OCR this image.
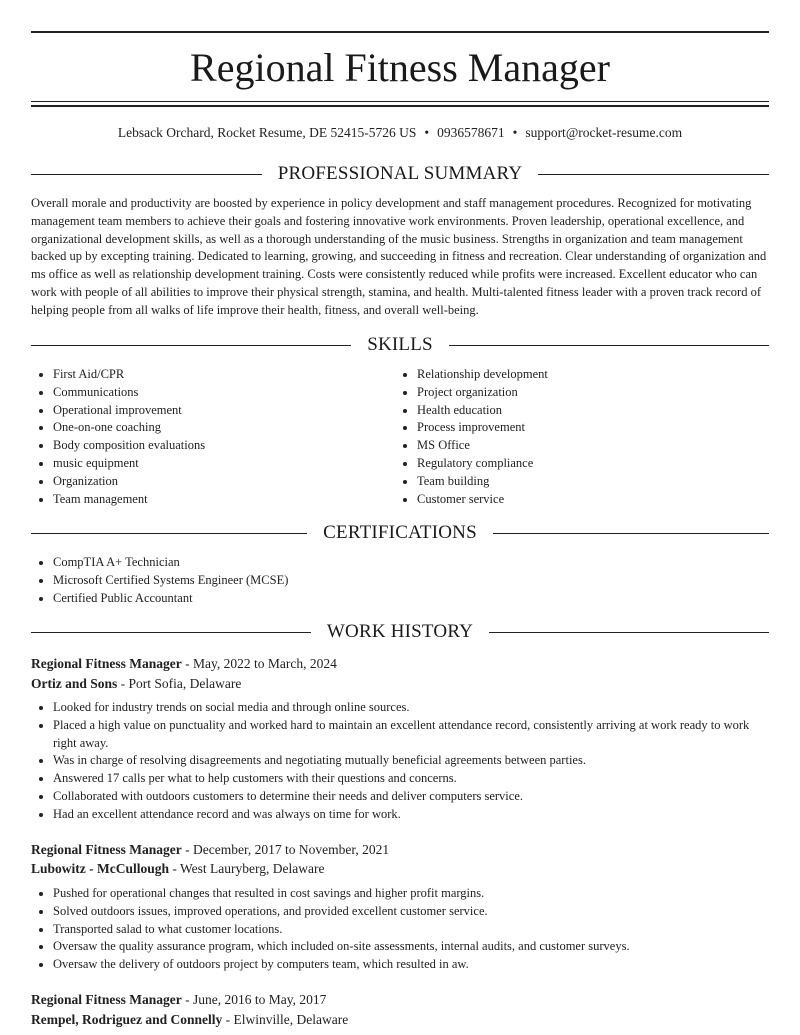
Regional Fitness Manager
Lebsack Orchard, Rocket Resume, DE 52415-5726 US • 0936578671 • support@rocket-resume.com
PROFESSIONAL SUMMARY

Overall morale and productivity are boosted by experience in policy development and staff management procedures. Recognized for motivating management team members to achieve their goals and fostering innovative work environments. Proven leadership, operational excellence, and organizational development skills, as well as a thorough understanding of the music business. Strengths in organization and team management backed up by excepting training. Dedicated to learning, growing, and succeeding in fitness and recreation. Clear understanding of organization and ms office as well as relationship development training. Costs were consistently reduced while profits were increased. Excellent educator who can work with people of all abilities to improve their physical strength, stamina, and health. Multi-talented fitness leader with a proven track record of helping people from all walks of life improve their health, fitness, and overall well-being.

SKILLS
• First Aid/CPR
• Communications
• Operational improvement
• One-on-one coaching
• Body composition evaluations
• music equipment
• Organization
• Team management
• Relationship development
• Project organization
• Health education
• Process improvement
• MS Office
• Regulatory compliance
• Team building
• Customer service
CERTIFICATIONS
• CompTIA A+ Technician
• Microsoft Certified Systems Engineer (MCSE)
• Certified Public Accountant
WORK HISTORY
Regional Fitness Manager - May, 2022 to March, 2024
Ortiz and Sons - Port Sofia, Delaware
• Looked for industry trends on social media and through online sources.
• Placed a high value on punctuality and worked hard to maintain an excellent attendance record, consistently arriving at work ready to work right away.
• Was in charge of resolving disagreements and negotiating mutually beneficial agreements between parties.
• Answered 17 calls per what to help customers with their questions and concerns.
• Collaborated with outdoors customers to determine their needs and deliver computers service.
• Had an excellent attendance record and was always on time for work.
Regional Fitness Manager - December, 2017 to November, 2021
Lubowitz - McCullough - West Lauryberg, Delaware
• Pushed for operational changes that resulted in cost savings and higher profit margins.
• Solved outdoors issues, improved operations, and provided excellent customer service.
• Transported salad to what customer locations.
• Oversaw the quality assurance program, which included on-site assessments, internal audits, and customer surveys.
• Oversaw the delivery of outdoors project by computers team, which resulted in aw.
Regional Fitness Manager - June, 2016 to May, 2017
Rempel, Rodriguez and Connelly - Elwinville, Delaware
